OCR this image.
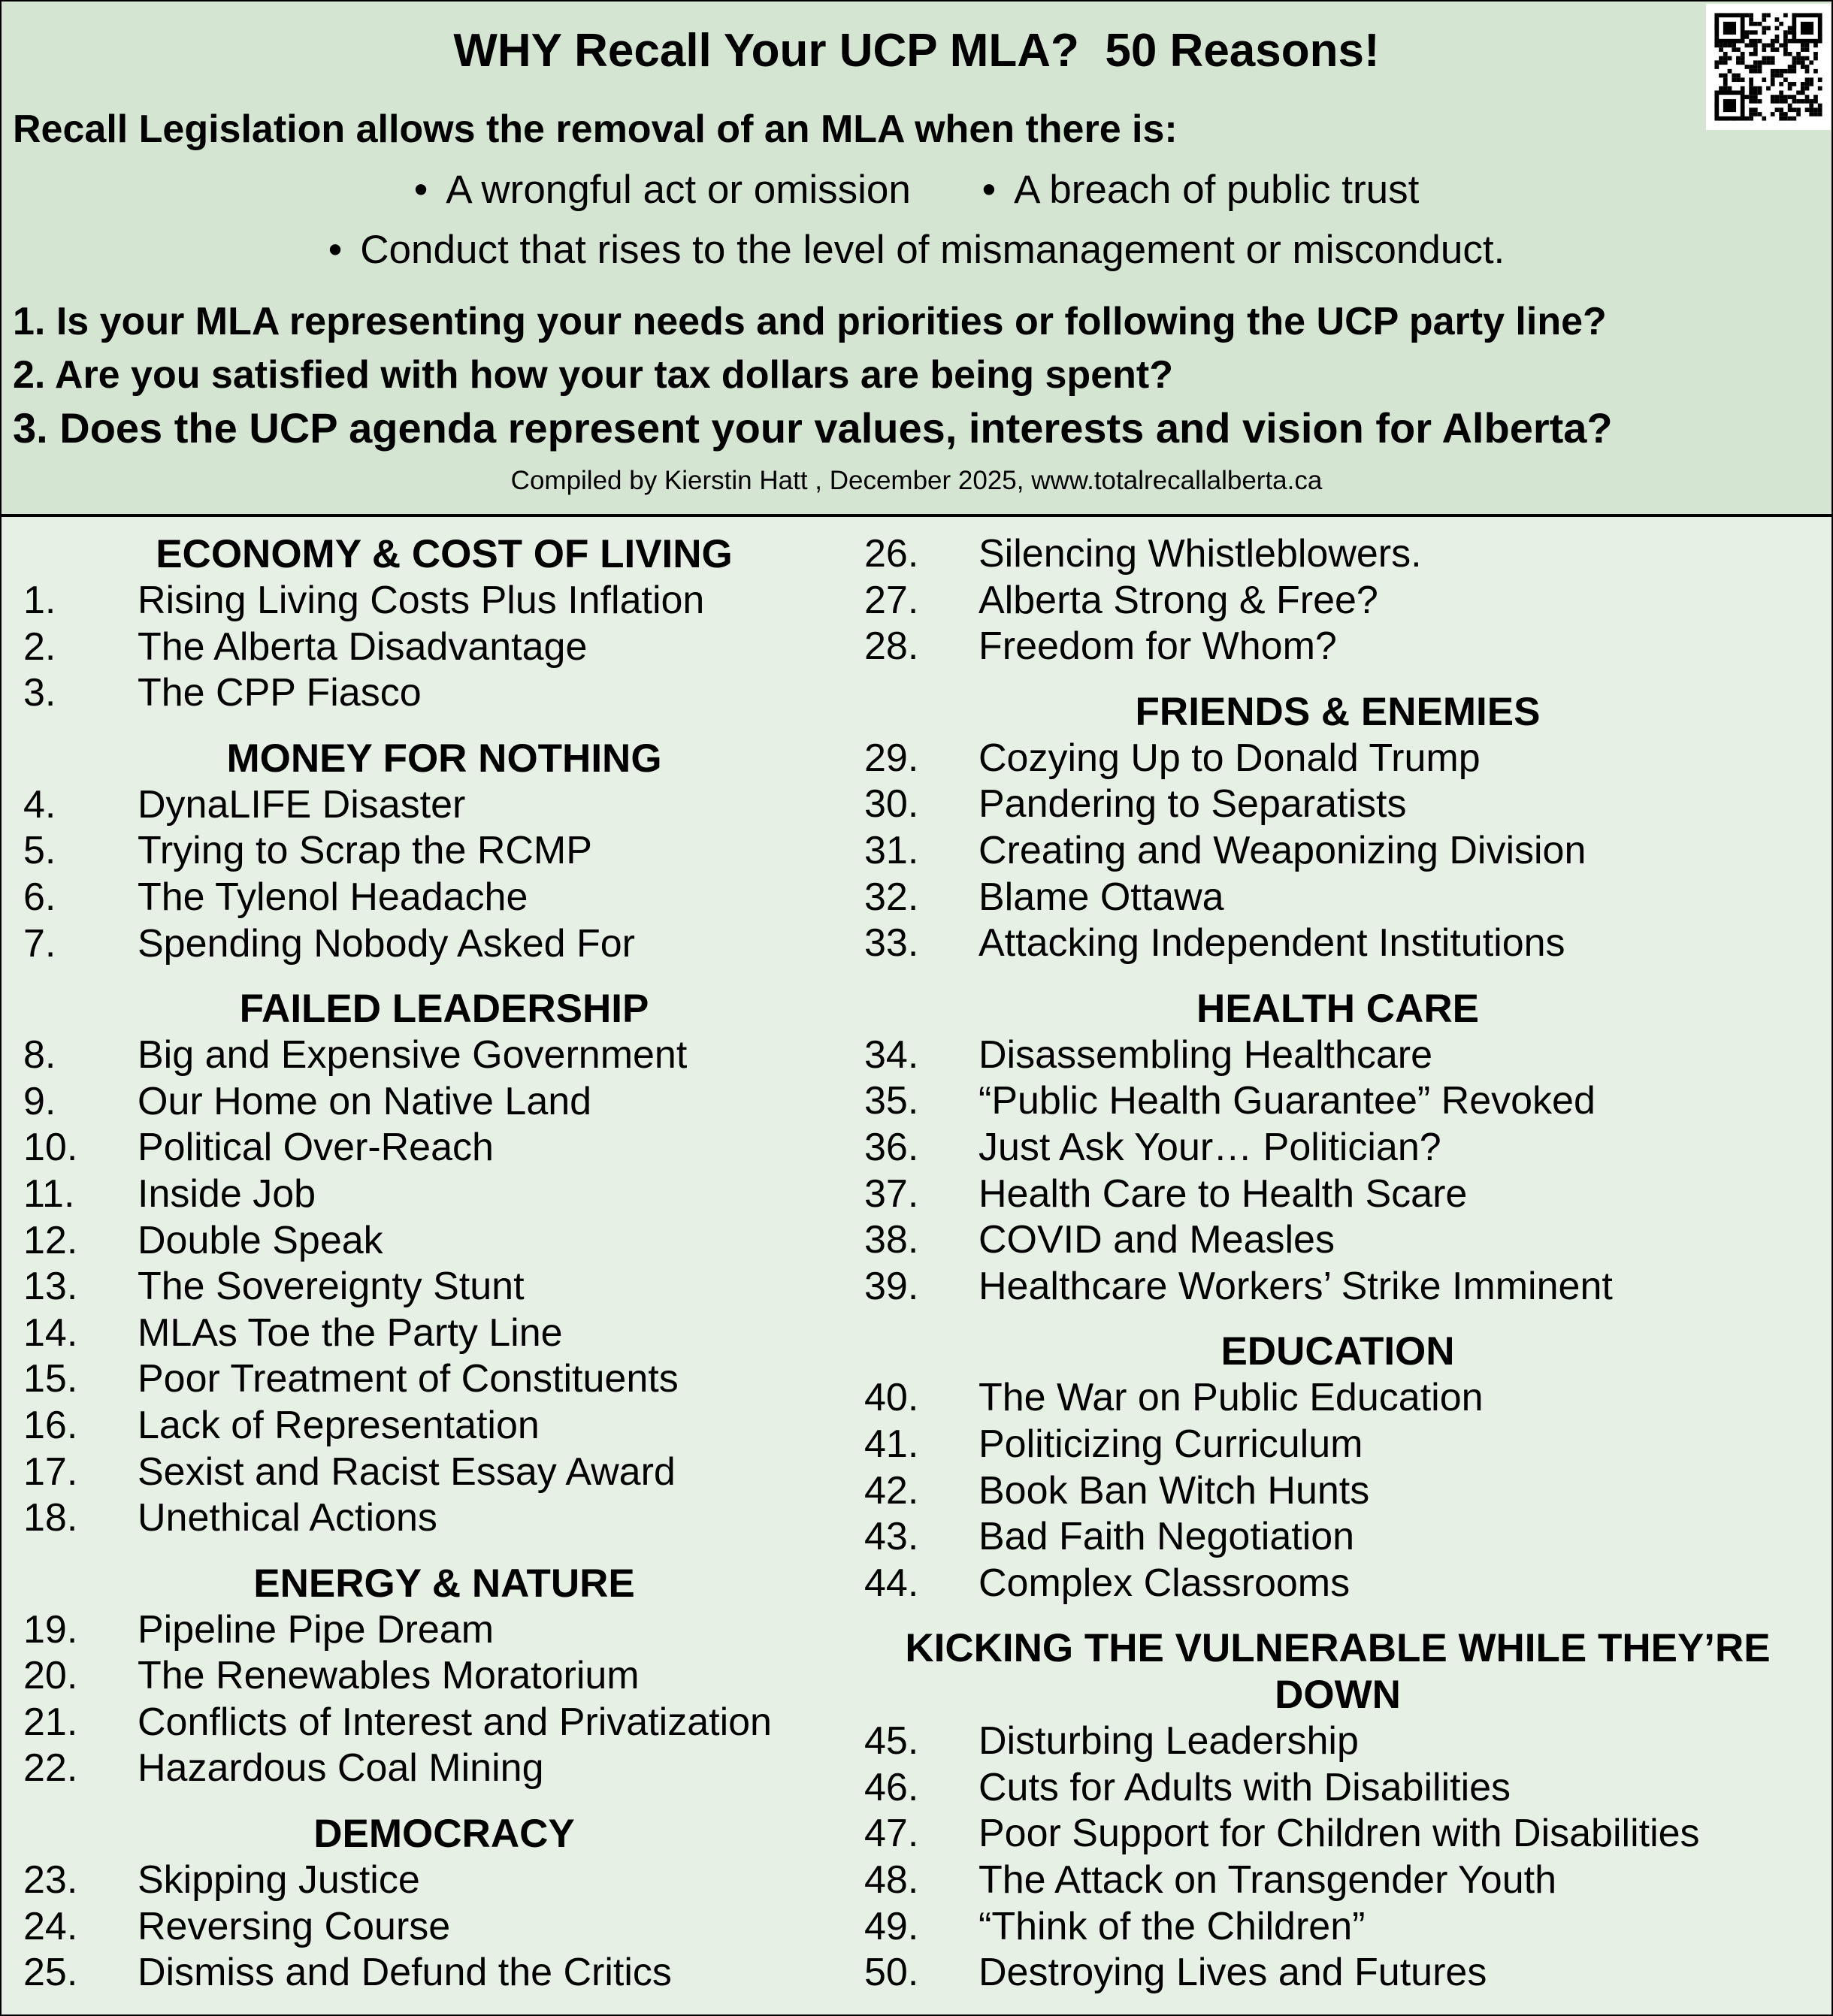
WHY Recall Your UCP MLA?  50 Reasons!
Recall Legislation allows the removal of an MLA when there is:
• A wrongful act or omission	• A breach of public trust
• Conduct that rises to the level of mismanagement or misconduct.
1. Is your MLA representing your needs and priorities or following the UCP party line?
2. Are you satisfied with how your tax dollars are being spent?
3. Does the UCP agenda represent your values, interests and vision for Alberta?
Compiled by Kierstin Hatt , December 2025, www.totalrecallalberta.ca
ECONOMY & COST OF LIVING
1.	Rising Living Costs Plus Inflation
2.	The Alberta Disadvantage
3.	The CPP Fiasco
MONEY FOR NOTHING
4.	DynaLIFE Disaster
5.	Trying to Scrap the RCMP
6.	The Tylenol Headache
7.	Spending Nobody Asked For
FAILED LEADERSHIP
8.	Big and Expensive Government
9.	Our Home on Native Land
10.	Political Over-Reach
11.	Inside Job
12.	Double Speak
13.	The Sovereignty Stunt
14.	MLAs Toe the Party Line
15.	Poor Treatment of Constituents
16.	Lack of Representation
17.	Sexist and Racist Essay Award
18.	Unethical Actions
ENERGY & NATURE
19.	Pipeline Pipe Dream
20.	The Renewables Moratorium
21.	Conflicts of Interest and Privatization
22.	Hazardous Coal Mining
DEMOCRACY
23.	Skipping Justice
24.	Reversing Course
25.	Dismiss and Defund the Critics
26.	Silencing Whistleblowers.
27.	Alberta Strong & Free?
28.	Freedom for Whom?
FRIENDS & ENEMIES
29.	Cozying Up to Donald Trump
30.	Pandering to Separatists
31.	Creating and Weaponizing Division
32.	Blame Ottawa
33.	Attacking Independent Institutions
HEALTH CARE
34.	Disassembling Healthcare
35.	“Public Health Guarantee” Revoked
36.	Just Ask Your… Politician?
37.	Health Care to Health Scare
38.	COVID and Measles
39.	Healthcare Workers’ Strike Imminent
EDUCATION
40.	The War on Public Education
41.	Politicizing Curriculum
42.	Book Ban Witch Hunts
43.	Bad Faith Negotiation
44.	Complex Classrooms
KICKING THE VULNERABLE WHILE THEY’RE DOWN
45.	Disturbing Leadership
46.	Cuts for Adults with Disabilities
47.	Poor Support for Children with Disabilities
48.	The Attack on Transgender Youth
49.	“Think of the Children”
50.	Destroying Lives and Futures
